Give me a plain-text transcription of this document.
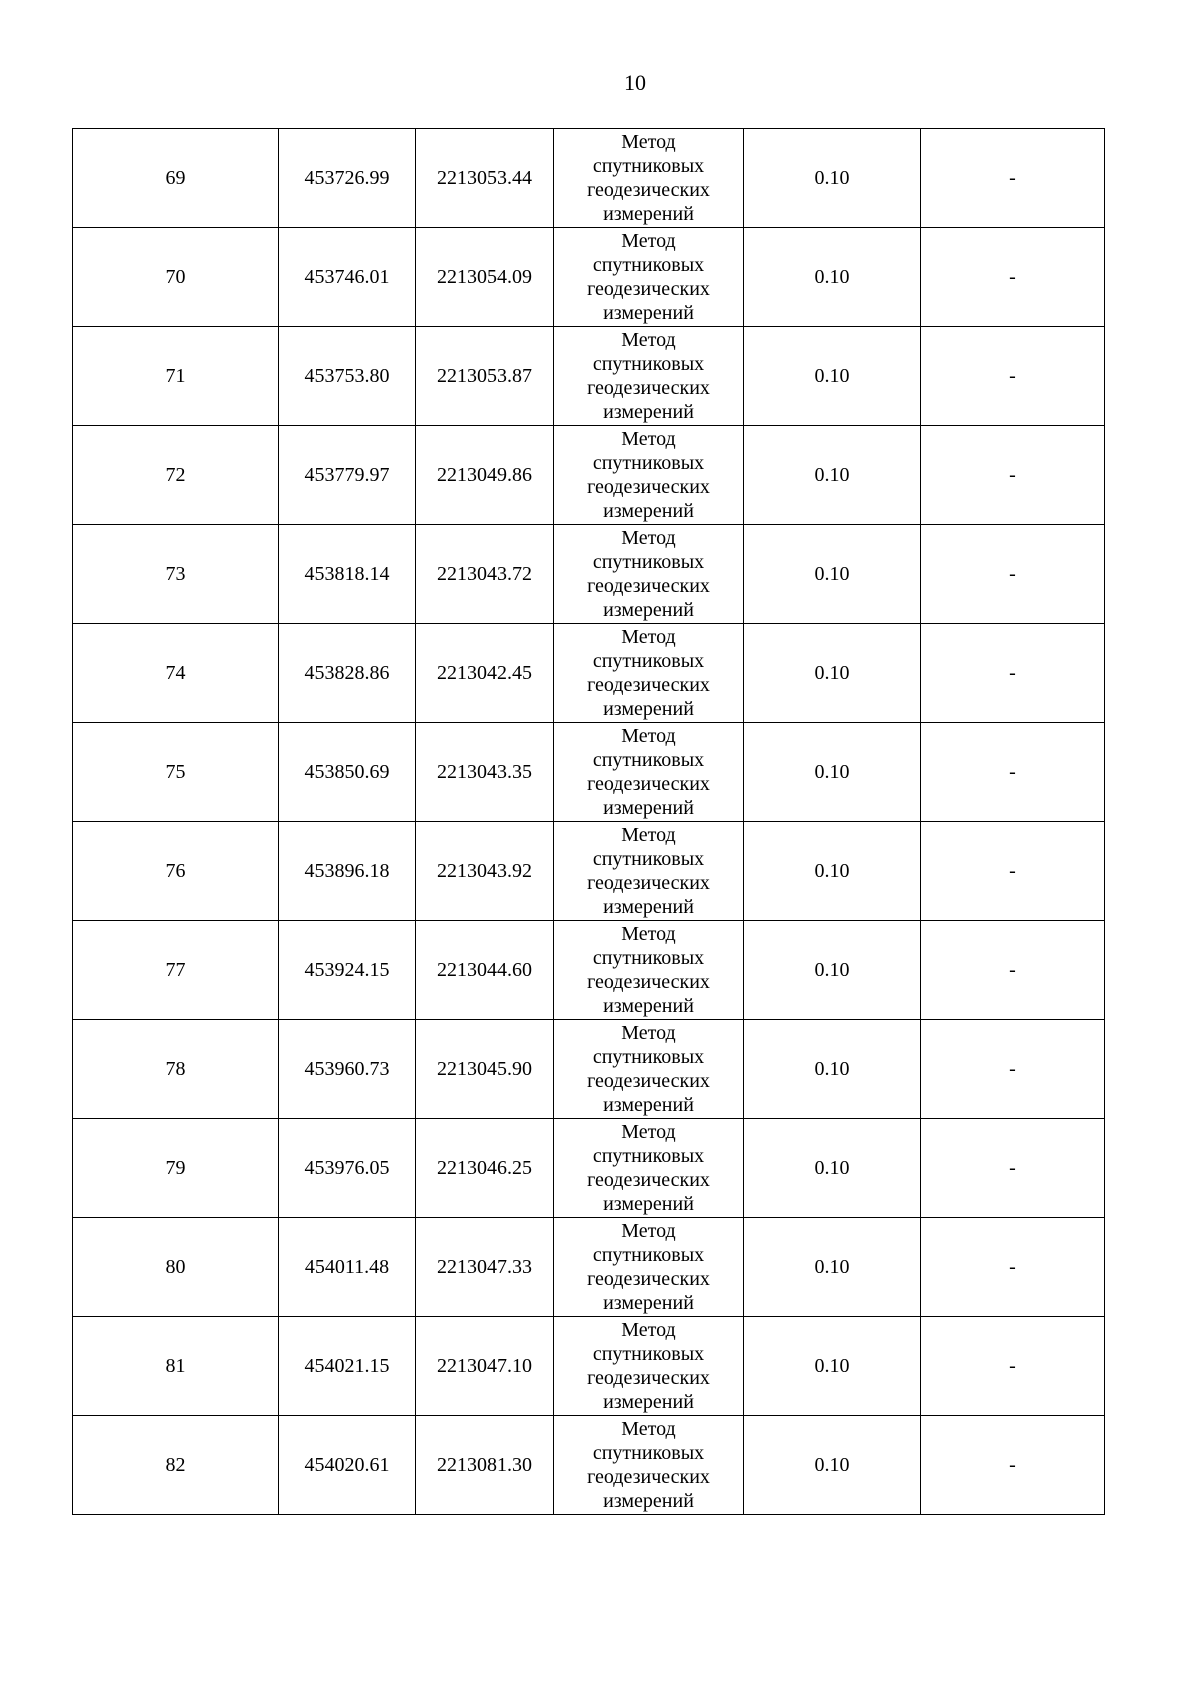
10
69	453726.99	2213053.44	Метод
спутниковых
геодезических
измерений	0.10	-
70	453746.01	2213054.09	Метод
спутниковых
геодезических
измерений	0.10	-
71	453753.80	2213053.87	Метод
спутниковых
геодезических
измерений	0.10	-
72	453779.97	2213049.86	Метод
спутниковых
геодезических
измерений	0.10	-
73	453818.14	2213043.72	Метод
спутниковых
геодезических
измерений	0.10	-
74	453828.86	2213042.45	Метод
спутниковых
геодезических
измерений	0.10	-
75	453850.69	2213043.35	Метод
спутниковых
геодезических
измерений	0.10	-
76	453896.18	2213043.92	Метод
спутниковых
геодезических
измерений	0.10	-
77	453924.15	2213044.60	Метод
спутниковых
геодезических
измерений	0.10	-
78	453960.73	2213045.90	Метод
спутниковых
геодезических
измерений	0.10	-
79	453976.05	2213046.25	Метод
спутниковых
геодезических
измерений	0.10	-
80	454011.48	2213047.33	Метод
спутниковых
геодезических
измерений	0.10	-
81	454021.15	2213047.10	Метод
спутниковых
геодезических
измерений	0.10	-
82	454020.61	2213081.30	Метод
спутниковых
геодезических
измерений	0.10	-
